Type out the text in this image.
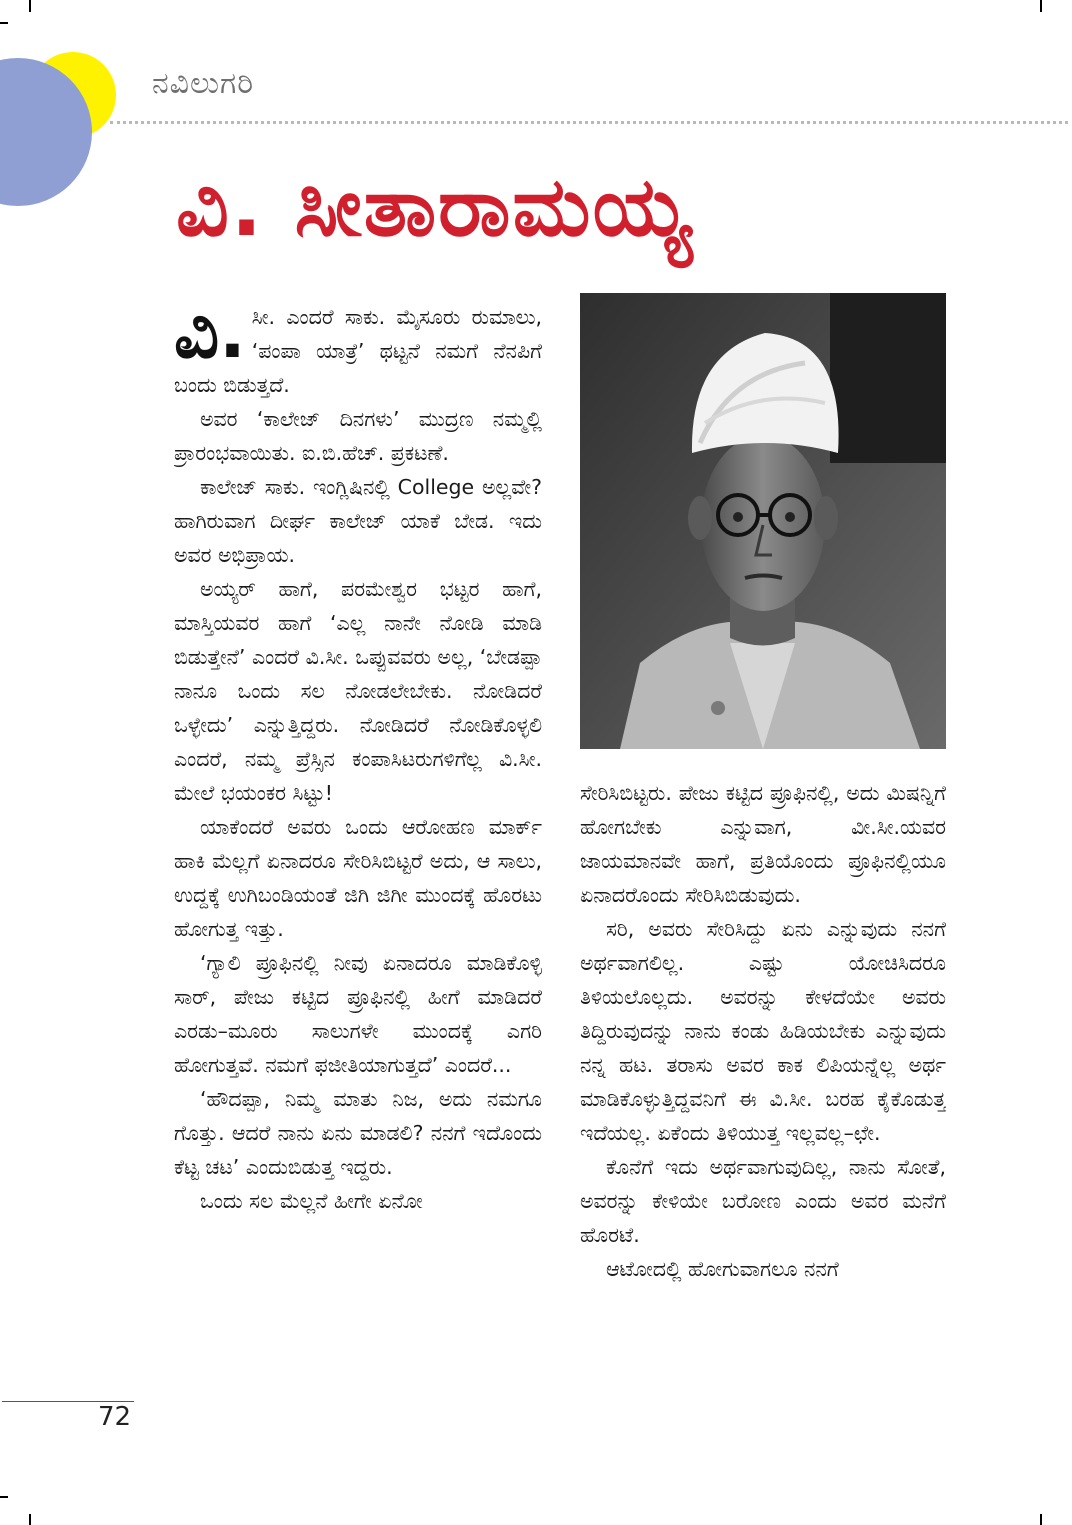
ನವಿಲುಗರಿ
ವಿ. ಸೀತಾರಾಮಯ್ಯ

ವಿ. ಸೀ. ಎಂದರೆ ಸಾಕು. ಮೈಸೂರು ರುಮಾಲು, ‘ಪಂಪಾ ಯಾತ್ರೆ’ ಥಟ್ಟನೆ ನಮಗೆ ನೆನಪಿಗೆ ಬಂದು ಬಿಡುತ್ತದೆ.

ಅವರ ‘ಕಾಲೇಜ್ ದಿನಗಳು’ ಮುದ್ರಣ ನಮ್ಮಲ್ಲಿ ಪ್ರಾರಂಭವಾಯಿತು. ಐ.ಬಿ.ಹೆಚ್. ಪ್ರಕಟಣೆ.

ಕಾಲೇಜ್ ಸಾಕು. ಇಂಗ್ಲಿಷಿನಲ್ಲಿ College ಅಲ್ಲವೇ? ಹಾಗಿರುವಾಗ ದೀರ್ಘ ಕಾಲೇಜ್ ಯಾಕೆ ಬೇಡ. ಇದು ಅವರ ಅಭಿಪ್ರಾಯ.

ಅಯ್ಯರ್ ಹಾಗೆ, ಪರಮೇಶ್ವರ ಭಟ್ಟರ ಹಾಗೆ, ಮಾಸ್ತಿಯವರ ಹಾಗೆ ‘ಎಲ್ಲ ನಾನೇ ನೋಡಿ ಮಾಡಿ ಬಿಡುತ್ತೇನೆ’ ಎಂದರೆ ವಿ.ಸೀ. ಒಪ್ಪುವವರು ಅಲ್ಲ, ‘ಬೇಡಪ್ಪಾ ನಾನೂ ಒಂದು ಸಲ ನೋಡಲೇಬೇಕು. ನೋಡಿದರೆ ಒಳ್ಳೇದು’ ಎನ್ನುತ್ತಿದ್ದರು. ನೋಡಿದರೆ ನೋಡಿಕೊಳ್ಳಲಿ ಎಂದರೆ, ನಮ್ಮ ಪ್ರೆಸ್ಸಿನ ಕಂಪಾಸಿಟರುಗಳಿಗೆಲ್ಲ ವಿ.ಸೀ. ಮೇಲೆ ಭಯಂಕರ ಸಿಟ್ಟು!

ಯಾಕೆಂದರೆ ಅವರು ಒಂದು ಆರೋಹಣ ಮಾರ್ಕ್ ಹಾಕಿ ಮೆಲ್ಲಗೆ ಏನಾದರೂ ಸೇರಿಸಿಬಿಟ್ಟರೆ ಅದು, ಆ ಸಾಲು, ಉದ್ದಕ್ಕೆ ಉಗಿಬಂಡಿಯಂತೆ ಜಿಗಿ ಜಿಗೀ ಮುಂದಕ್ಕೆ ಹೊರಟು ಹೋಗುತ್ತ ಇತ್ತು.

‘ಗ್ಯಾಲಿ ಪ್ರೂಫಿನಲ್ಲಿ ನೀವು ಏನಾದರೂ ಮಾಡಿಕೊಳ್ಳಿ ಸಾರ್, ಪೇಜು ಕಟ್ಟಿದ ಪ್ರೂಫಿನಲ್ಲಿ ಹೀಗೆ ಮಾಡಿದರೆ ಎರಡು–ಮೂರು ಸಾಲುಗಳೇ ಮುಂದಕ್ಕೆ ಎಗರಿ ಹೋಗುತ್ತವೆ. ನಮಗೆ ಫಜೀತಿಯಾಗುತ್ತದೆ’ ಎಂದರೆ...

‘ಹೌದಪ್ಪಾ, ನಿಮ್ಮ ಮಾತು ನಿಜ, ಅದು ನಮಗೂ ಗೊತ್ತು. ಆದರೆ ನಾನು ಏನು ಮಾಡಲಿ? ನನಗೆ ಇದೊಂದು ಕೆಟ್ಟ ಚಟ’ ಎಂದುಬಿಡುತ್ತ ಇದ್ದರು.

ಒಂದು ಸಲ ಮೆಲ್ಲನೆ ಹೀಗೇ ಏನೋ

ಸೇರಿಸಿಬಿಟ್ಟರು. ಪೇಜು ಕಟ್ಟಿದ ಪ್ರೂಫಿನಲ್ಲಿ, ಅದು ಮಿಷನ್ನಿಗೆ ಹೋಗಬೇಕು ಎನ್ನುವಾಗ, ವೀ.ಸೀ.ಯವರ ಜಾಯಮಾನವೇ ಹಾಗೆ, ಪ್ರತಿಯೊಂದು ಪ್ರೂಫಿನಲ್ಲಿಯೂ ಏನಾದರೊಂದು ಸೇರಿಸಿಬಿಡುವುದು.

ಸರಿ, ಅವರು ಸೇರಿಸಿದ್ದು ಏನು ಎನ್ನುವುದು ನನಗೆ ಅರ್ಥವಾಗಲಿಲ್ಲ. ಎಷ್ಟು ಯೋಚಿಸಿದರೂ ತಿಳಿಯಲೊಲ್ಲದು. ಅವರನ್ನು ಕೇಳದೆಯೇ ಅವರು ತಿದ್ದಿರುವುದನ್ನು ನಾನು ಕಂಡು ಹಿಡಿಯಬೇಕು ಎನ್ನುವುದು ನನ್ನ ಹಟ. ತರಾಸು ಅವರ ಕಾಕ ಲಿಪಿಯನ್ನೆಲ್ಲ ಅರ್ಥ ಮಾಡಿಕೊಳ್ಳುತ್ತಿದ್ದವನಿಗೆ ಈ ವಿ.ಸೀ. ಬರಹ ಕೈಕೊಡುತ್ತ ಇದೆಯಲ್ಲ. ಏಕೆಂದು ತಿಳಿಯುತ್ತ ಇಲ್ಲವಲ್ಲ–ಛೇ.

ಕೊನೆಗೆ ಇದು ಅರ್ಥವಾಗುವುದಿಲ್ಲ, ನಾನು ಸೋತೆ, ಅವರನ್ನು ಕೇಳಿಯೇ ಬರೋಣ ಎಂದು ಅವರ ಮನೆಗೆ ಹೊರಟೆ.

ಆಟೋದಲ್ಲಿ ಹೋಗುವಾಗಲೂ ನನಗೆ

72
